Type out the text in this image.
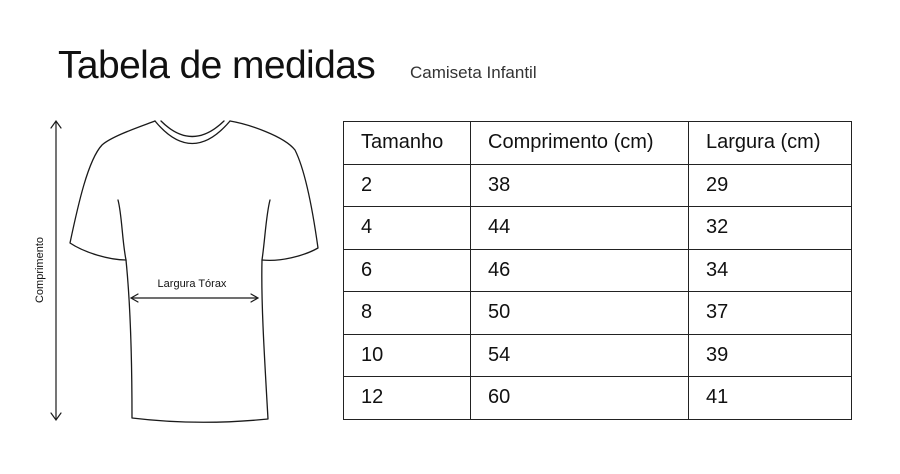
Tabela de medidas Camiseta Infantil
Comprimento	Largura Tórax
Tamanho	Comprimento (cm)	Largura (cm)
2	38	29
4	44	32
6	46	34
8	50	37
10	54	39
12	60	41
